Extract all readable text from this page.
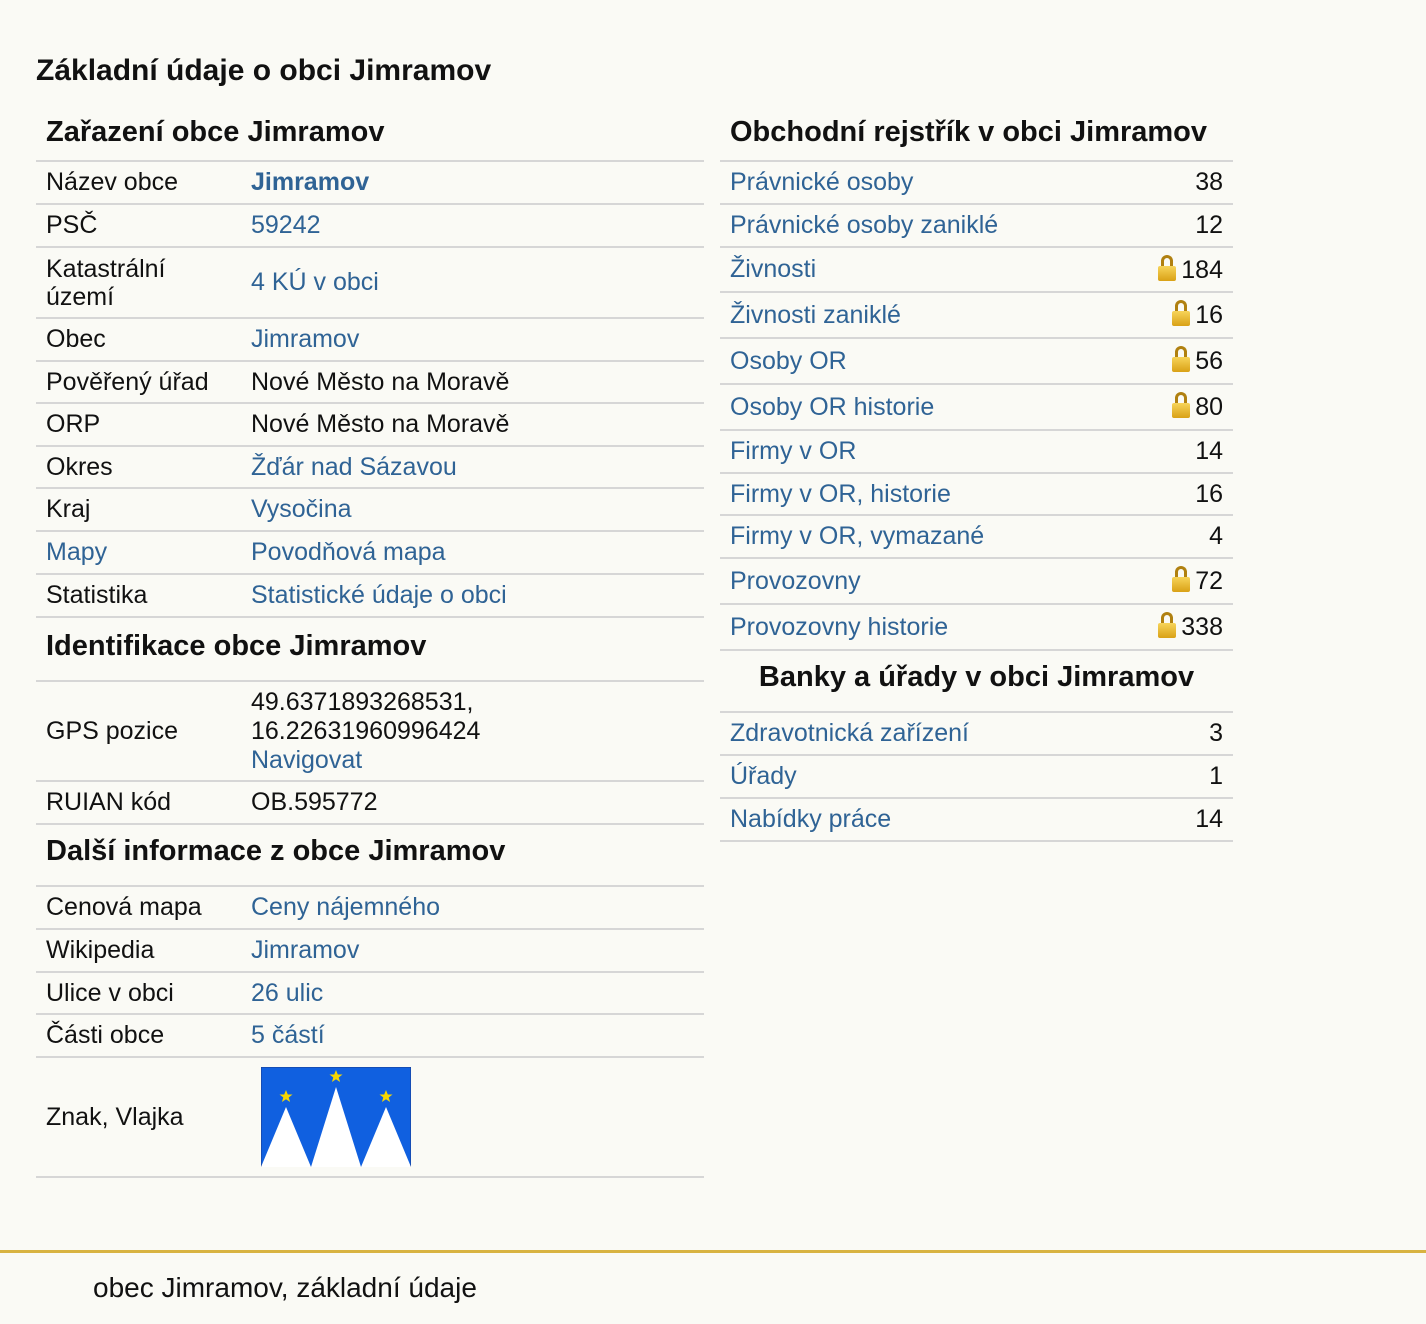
Základní údaje o obci Jimramov
Zařazení obce Jimramov
Název obce	Jimramov
PSČ	59242
Katastrální území	4 KÚ v obci
Obec	Jimramov
Pověřený úřad	Nové Město na Moravě
ORP	Nové Město na Moravě
Okres	Žďár nad Sázavou
Kraj	Vysočina
Mapy	Povodňová mapa
Statistika	Statistické údaje o obci
Identifikace obce Jimramov
GPS pozice	49.6371893268531,
16.22631960996424
Navigovat
RUIAN kód	OB.595772
Další informace z obce Jimramov
Cenová mapa	Ceny nájemného
Wikipedia	Jimramov
Ulice v obci	26 ulic
Části obce	5 částí
Znak, Vlajka	
Obchodní rejstřík v obci Jimramov
Právnické osoby	38
Právnické osoby zaniklé	12
Živnosti	184
Živnosti zaniklé	16
Osoby OR	56
Osoby OR historie	80
Firmy v OR	14
Firmy v OR, historie	16
Firmy v OR, vymazané	4
Provozovny	72
Provozovny historie	338
Banky a úřady v obci Jimramov
Zdravotnická zařízení	3
Úřady	1
Nabídky práce	14
obec Jimramov, základní údaje
